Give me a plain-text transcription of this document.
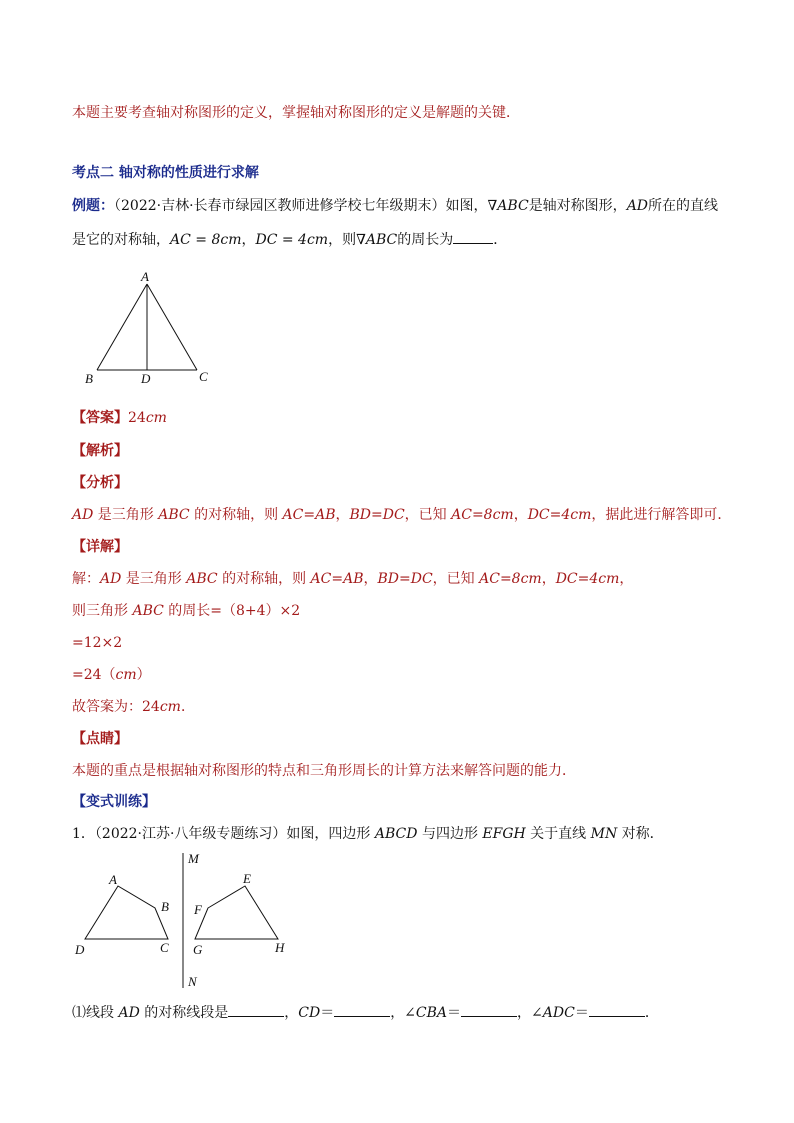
本题主要考查轴对称图形的定义，掌握轴对称图形的定义是解题的关键．
考点二 轴对称的性质进行求解
例题：（2022·吉林·长春市绿园区教师进修学校七年级期末）如图，∇ABC是轴对称图形，AD所在的直线
是它的对称轴，AC = 8cm，DC = 4cm，则∇ABC的周长为	．
A
B	D	C
【答案】24cm
【解析】
【分析】
AD 是三角形 ABC 的对称轴，则 AC=AB，BD=DC，已知 AC=8cm，DC=4cm，据此进行解答即可．
【详解】
解：AD 是三角形 ABC 的对称轴，则 AC=AB，BD=DC，已知 AC=8cm，DC=4cm，
则三角形 ABC 的周长=（8+4）×2
=12×2
=24（cm）
故答案为：24cm．
【点睛】
本题的重点是根据轴对称图形的特点和三角形周长的计算方法来解答问题的能力．
【变式训练】
1．（2022·江苏·八年级专题练习）如图，四边形 ABCD 与四边形 EFGH 关于直线 MN 对称．
A
B
C
D
E
F
G	H
M
N
⑴线段 AD 的对称线段是	，CD＝	，∠CBA＝	，∠ADC＝	．
